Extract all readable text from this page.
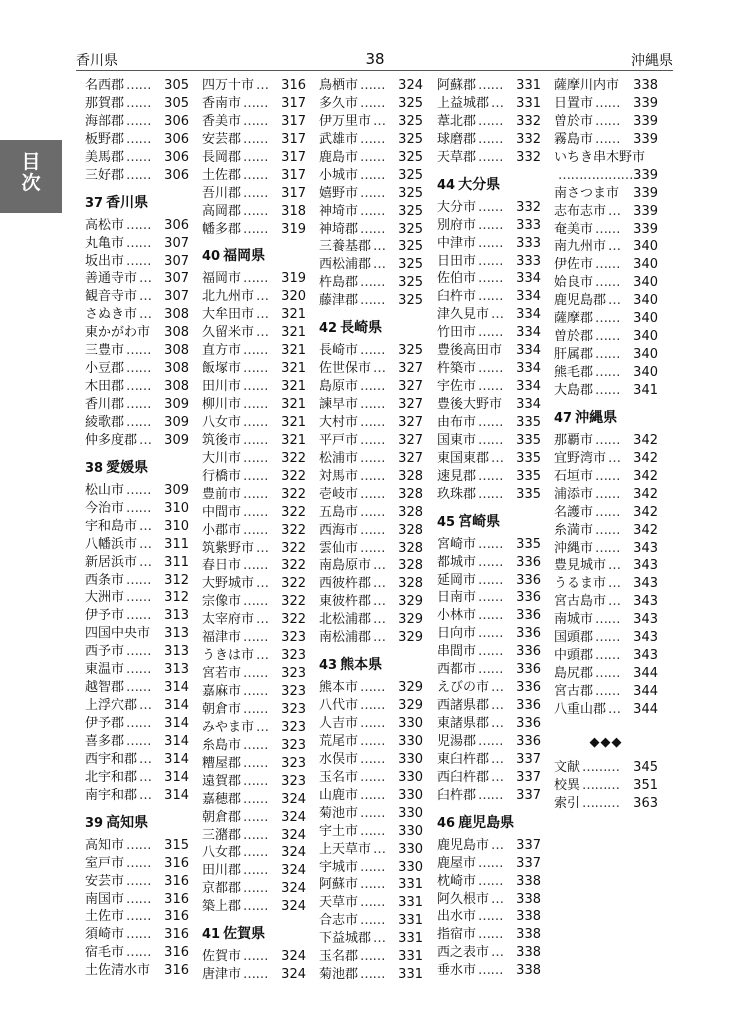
香川県	38	沖縄県
目
次
名西郡 …… 305
那賀郡 …… 305
海部郡 …… 306
板野郡 …… 306
美馬郡 …… 306
三好郡 …… 306
37 香川県
高松市 …… 306
丸亀市 …… 307
坂出市 …… 307
善通寺市 … 307
観音寺市 … 307
さぬき市 … 308
東かがわ市 308
三豊市 …… 308
小豆郡 …… 308
木田郡 …… 308
香川郡 …… 309
綾歌郡 …… 309
仲多度郡 … 309
38 愛媛県
松山市 …… 309
今治市 …… 310
宇和島市 … 310
八幡浜市 … 311
新居浜市 … 311
西条市 …… 312
大洲市 …… 312
伊予市 …… 313
四国中央市 313
西予市 …… 313
東温市 …… 313
越智郡 …… 314
上浮穴郡 … 314
伊予郡 …… 314
喜多郡 …… 314
西宇和郡 … 314
北宇和郡 … 314
南宇和郡 … 314
39 高知県
高知市 …… 315
室戸市 …… 316
安芸市 …… 316
南国市 …… 316
土佐市 …… 316
須崎市 …… 316
宿毛市 …… 316
土佐清水市 316
四万十市 … 316
香南市 …… 317
香美市 …… 317
安芸郡 …… 317
長岡郡 …… 317
土佐郡 …… 317
吾川郡 …… 317
高岡郡 …… 318
幡多郡 …… 319
40 福岡県
福岡市 …… 319
北九州市 … 320
大牟田市 … 321
久留米市 … 321
直方市 …… 321
飯塚市 …… 321
田川市 …… 321
柳川市 …… 321
八女市 …… 321
筑後市 …… 321
大川市 …… 322
行橋市 …… 322
豊前市 …… 322
中間市 …… 322
小郡市 …… 322
筑紫野市 … 322
春日市 …… 322
大野城市 … 322
宗像市 …… 322
太宰府市 … 322
福津市 …… 323
うきは市 … 323
宮若市 …… 323
嘉麻市 …… 323
朝倉市 …… 323
みやま市 … 323
糸島市 …… 323
糟屋郡 …… 323
遠賀郡 …… 323
嘉穂郡 …… 324
朝倉郡 …… 324
三潴郡 …… 324
八女郡 …… 324
田川郡 …… 324
京都郡 …… 324
築上郡 …… 324
41 佐賀県
佐賀市 …… 324
唐津市 …… 324
鳥栖市 …… 324
多久市 …… 325
伊万里市 … 325
武雄市 …… 325
鹿島市 …… 325
小城市 …… 325
嬉野市 …… 325
神埼市 …… 325
神埼郡 …… 325
三養基郡 … 325
西松浦郡 … 325
杵島郡 …… 325
藤津郡 …… 325
42 長崎県
長崎市 …… 325
佐世保市 … 327
島原市 …… 327
諫早市 …… 327
大村市 …… 327
平戸市 …… 327
松浦市 …… 327
対馬市 …… 328
壱岐市 …… 328
五島市 …… 328
西海市 …… 328
雲仙市 …… 328
南島原市 … 328
西彼杵郡 … 328
東彼杵郡 … 329
北松浦郡 … 329
南松浦郡 … 329
43 熊本県
熊本市 …… 329
八代市 …… 329
人吉市 …… 330
荒尾市 …… 330
水俣市 …… 330
玉名市 …… 330
山鹿市 …… 330
菊池市 …… 330
宇土市 …… 330
上天草市 … 330
宇城市 …… 330
阿蘇市 …… 331
天草市 …… 331
合志市 …… 331
下益城郡 … 331
玉名郡 …… 331
菊池郡 …… 331
阿蘇郡 …… 331
上益城郡 … 331
葦北郡 …… 332
球磨郡 …… 332
天草郡 …… 332
44 大分県
大分市 …… 332
別府市 …… 333
中津市 …… 333
日田市 …… 333
佐伯市 …… 334
臼杵市 …… 334
津久見市 … 334
竹田市 …… 334
豊後高田市 334
杵築市 …… 334
宇佐市 …… 334
豊後大野市 334
由布市 …… 335
国東市 …… 335
東国東郡 … 335
速見郡 …… 335
玖珠郡 …… 335
45 宮崎県
宮崎市 …… 335
都城市 …… 336
延岡市 …… 336
日南市 …… 336
小林市 …… 336
日向市 …… 336
串間市 …… 336
西都市 …… 336
えびの市 … 336
西諸県郡 … 336
東諸県郡 … 336
児湯郡 …… 336
東臼杵郡 … 337
西臼杵郡 … 337
臼杵郡 …… 337
46 鹿児島県
鹿児島市 … 337
鹿屋市 …… 337
枕崎市 …… 338
阿久根市 … 338
出水市 …… 338
指宿市 …… 338
西之表市 … 338
垂水市 …… 338
薩摩川内市 338
日置市 …… 339
曽於市 …… 339
霧島市 …… 339
いちき串木野市
……………… 339
南さつま市 339
志布志市 … 339
奄美市 …… 339
南九州市 … 340
伊佐市 …… 340
姶良市 …… 340
鹿児島郡 … 340
薩摩郡 …… 340
曽於郡 …… 340
肝属郡 …… 340
熊毛郡 …… 340
大島郡 …… 341
47 沖縄県
那覇市 …… 342
宜野湾市 … 342
石垣市 …… 342
浦添市 …… 342
名護市 …… 342
糸満市 …… 342
沖縄市 …… 343
豊見城市 … 343
うるま市 … 343
宮古島市 … 343
南城市 …… 343
国頭郡 …… 343
中頭郡 …… 343
島尻郡 …… 344
宮古郡 …… 344
八重山郡 … 344
◆◆◆
文献 ……… 345
校異 ……… 351
索引 ……… 363
